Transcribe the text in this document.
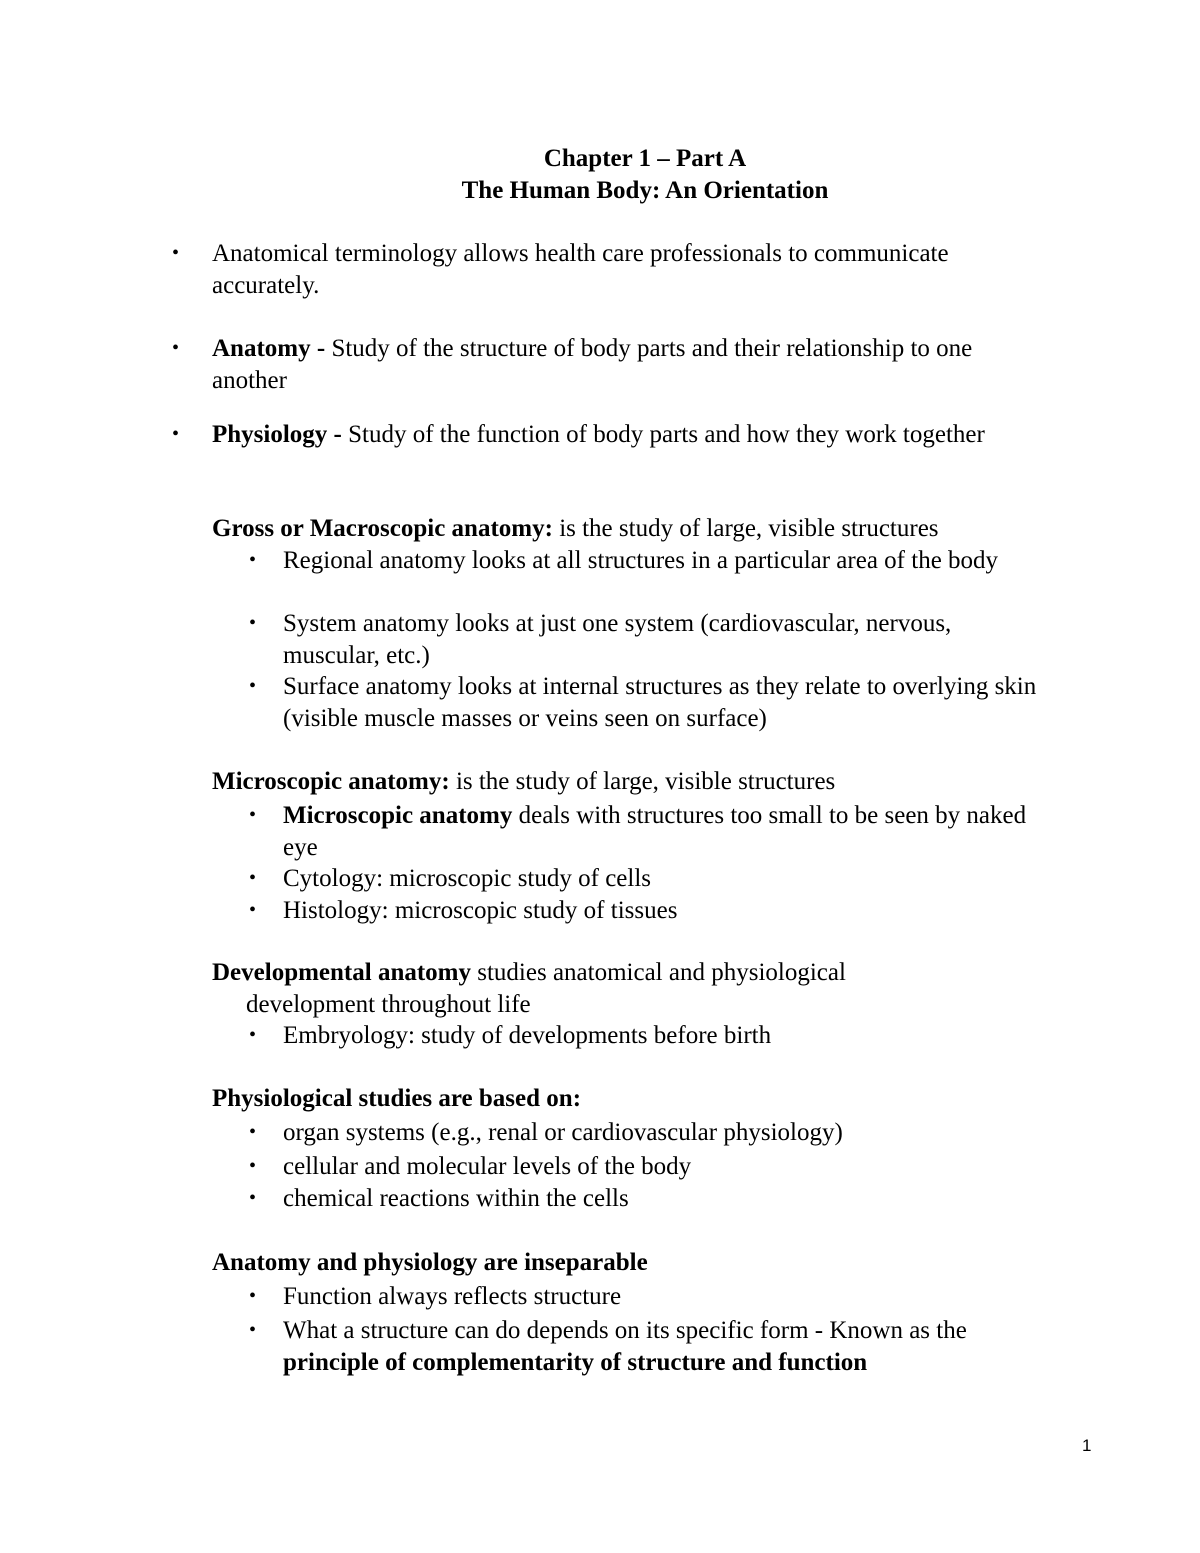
Chapter 1 – Part A
The Human Body: An Orientation

• Anatomical terminology allows health care professionals to communicate accurately.

• Anatomy - Study of the structure of body parts and their relationship to one another

• Physiology - Study of the function of body parts and how they work together

Gross or Macroscopic anatomy: is the study of large, visible structures

• Regional anatomy looks at all structures in a particular area of the body

• System anatomy looks at just one system (cardiovascular, nervous, muscular, etc.)

• Surface anatomy looks at internal structures as they relate to overlying skin (visible muscle masses or veins seen on surface)

Microscopic anatomy: is the study of large, visible structures

• Microscopic anatomy deals with structures too small to be seen by naked eye

• Cytology: microscopic study of cells

• Histology: microscopic study of tissues

Developmental anatomy studies anatomical and physiological
development throughout life

• Embryology: study of developments before birth

Physiological studies are based on:

• organ systems (e.g., renal or cardiovascular physiology)

• cellular and molecular levels of the body

• chemical reactions within the cells

Anatomy and physiology are inseparable

• Function always reflects structure

• What a structure can do depends on its specific form - Known as the principle of complementarity of structure and function

1
